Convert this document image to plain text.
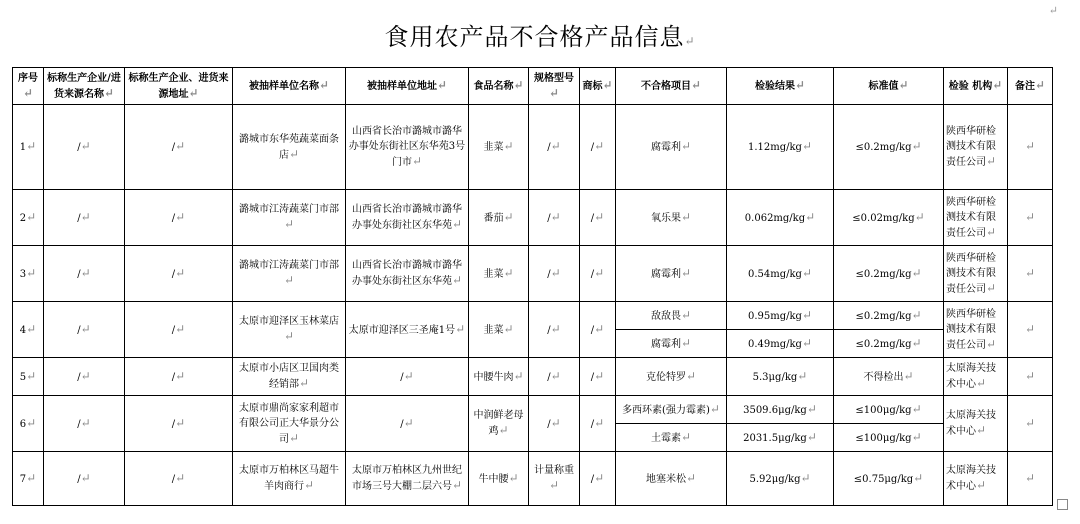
↵
食用农产品不合格产品信息↵
序号↵	标称生产企业/进货来源名称↵	标称生产企业、进货来源地址↵	被抽样单位名称↵	被抽样单位地址↵	食品名称↵	规格型号↵	商标↵	不合格项目↵	检验结果↵	标准值↵	检验 机构↵	备注↵
1↵	/↵	/↵	潞城市东华苑蔬菜面条店↵	山西省长治市潞城市潞华办事处东街社区东华苑3号门市↵	韭菜↵	/↵	/↵	腐霉利↵	1.12mg/kg↵	≤0.2mg/kg↵	陕西华研检测技术有限责任公司↵	↵
2↵	/↵	/↵	潞城市江涛蔬菜门市部↵	山西省长治市潞城市潞华办事处东街社区东华苑↵	番茄↵	/↵	/↵	氧乐果↵	0.062mg/kg↵	≤0.02mg/kg↵	陕西华研检测技术有限责任公司↵	↵
3↵	/↵	/↵	潞城市江涛蔬菜门市部↵	山西省长治市潞城市潞华办事处东街社区东华苑↵	韭菜↵	/↵	/↵	腐霉利↵	0.54mg/kg↵	≤0.2mg/kg↵	陕西华研检测技术有限责任公司↵	↵
4↵	/↵	/↵	太原市迎泽区玉林菜店↵	太原市迎泽区三圣庵1号↵	韭菜↵	/↵	/↵	敌敌畏↵	0.95mg/kg↵	≤0.2mg/kg↵	陕西华研检测技术有限责任公司↵	↵
								腐霉利↵	0.49mg/kg↵	≤0.2mg/kg↵		
5↵	/↵	/↵	太原市小店区卫国肉类经销部↵	/↵	中腰牛肉↵	/↵	/↵	克伦特罗↵	5.3μg/kg↵	不得检出↵	太原海关技术中心↵	↵
6↵	/↵	/↵	太原市鼎尚家家利超市有限公司正大华景分公司↵	/↵	中润鲜老母鸡↵	/↵	/↵	多西环素(强力霉素)↵	3509.6μg/kg↵	≤100μg/kg↵	太原海关技术中心↵	↵
								土霉素↵	2031.5μg/kg↵	≤100μg/kg↵		
7↵	/↵	/↵	太原市万柏林区马超牛羊肉商行↵	太原市万柏林区九州世纪市场三号大棚二层六号↵	牛中腰↵	计量称重↵	/↵	地塞米松↵	5.92μg/kg↵	≤0.75μg/kg↵	太原海关技术中心↵	↵
